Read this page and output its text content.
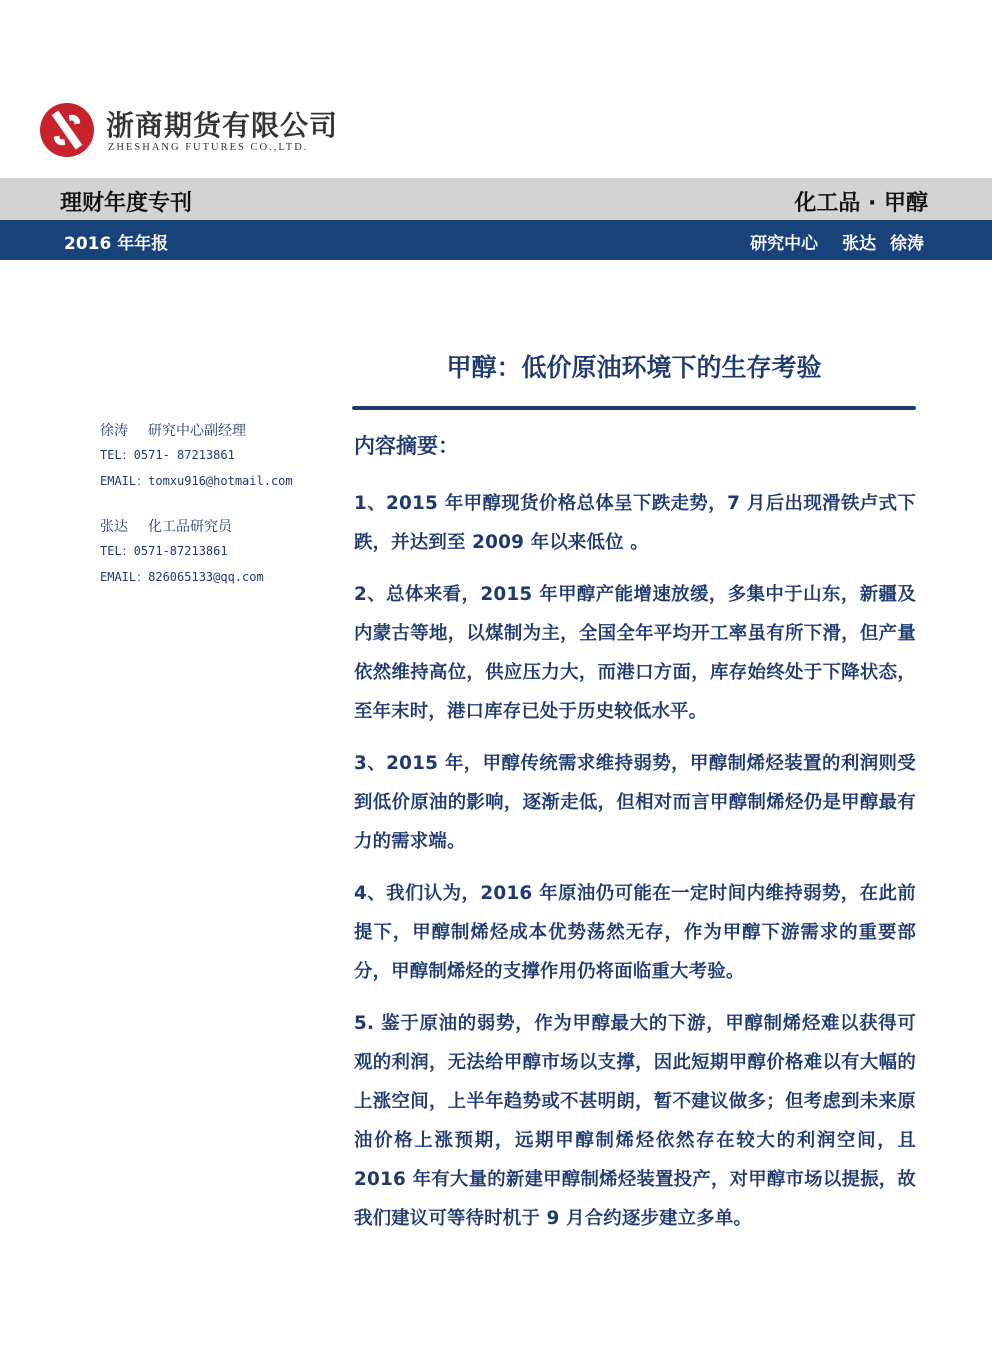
浙商期货有限公司
ZHESHANG FUTURES CO.,LTD.
理财年度专刊	化工品 · 甲醇
2016 年年报	研究中心 张达 徐涛
甲醇：低价原油环境下的生存考验
徐涛 研究中心副经理
TEL：0571- 87213861
EMAIL：tomxu916@hotmail.com
张达 化工品研究员
TEL：0571-87213861
EMAIL：826065133@qq.com
内容摘要：

1、2015 年甲醇现货价格总体呈下跌走势，7 月后出现滑铁卢式下跌，并达到至 2009 年以来低位 。

2、总体来看，2015 年甲醇产能增速放缓，多集中于山东，新疆及内蒙古等地，以煤制为主，全国全年平均开工率虽有所下滑，但产量依然维持高位，供应压力大，而港口方面，库存始终处于下降状态，至年末时，港口库存已处于历史较低水平。

3、2015 年，甲醇传统需求维持弱势，甲醇制烯烃装置的利润则受到低价原油的影响，逐渐走低，但相对而言甲醇制烯烃仍是甲醇最有力的需求端。

4、我们认为，2016 年原油仍可能在一定时间内维持弱势，在此前提下，甲醇制烯烃成本优势荡然无存，作为甲醇下游需求的重要部分，甲醇制烯烃的支撑作用仍将面临重大考验。

5. 鉴于原油的弱势，作为甲醇最大的下游，甲醇制烯烃难以获得可观的利润，无法给甲醇市场以支撑，因此短期甲醇价格难以有大幅的上涨空间，上半年趋势或不甚明朗，暂不建议做多；但考虑到未来原油价格上涨预期，远期甲醇制烯烃依然存在较大的利润空间，且 2016 年有大量的新建甲醇制烯烃装置投产，对甲醇市场以提振，故我们建议可等待时机于 9 月合约逐步建立多单。
